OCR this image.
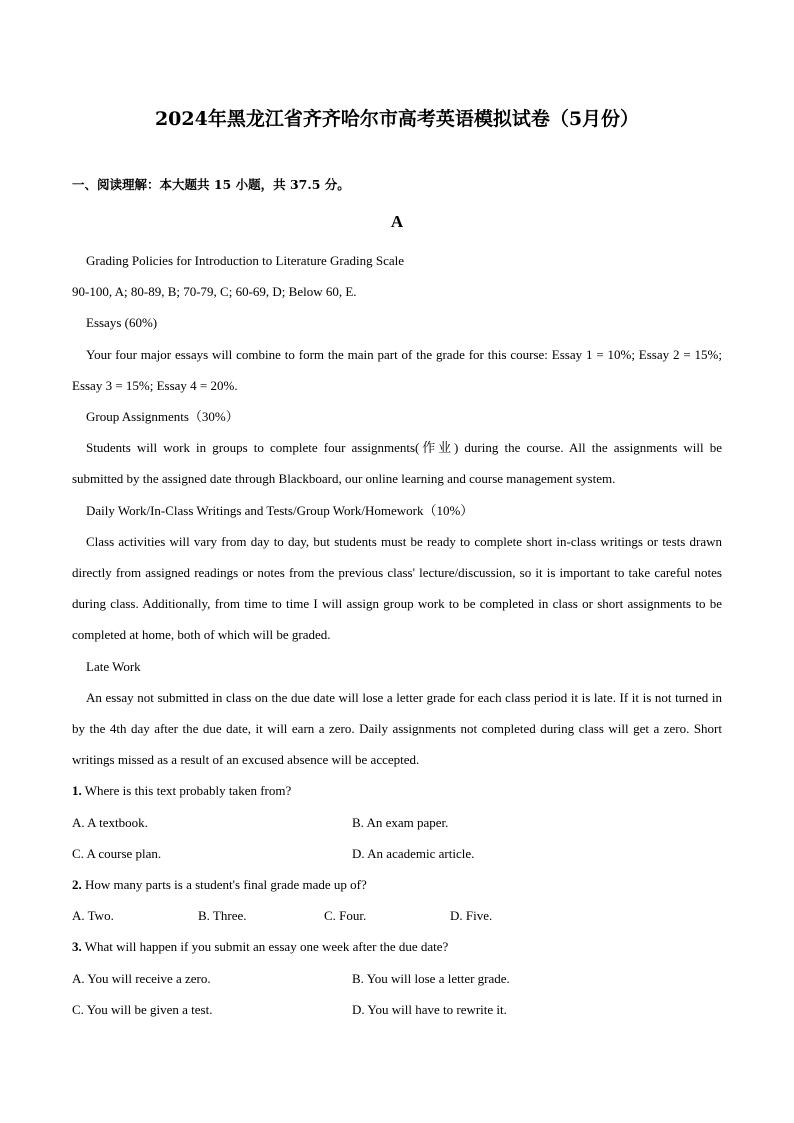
2024年黑龙江省齐齐哈尔市高考英语模拟试卷（5月份）
一、阅读理解：本大题共 15 小题，共 37.5 分。
A

Grading Policies for Introduction to Literature Grading Scale

90-100, A; 80-89, B; 70-79, C; 60-69, D; Below 60, E.

Essays (60%)

Your four major essays will combine to form the main part of the grade for this course: Essay 1 = 10%; Essay 2 = 15%; Essay 3 = 15%; Essay 4 = 20%.

Group Assignments（30%）

Students will work in groups to complete four assignments(作业) during the course. All the assignments will be submitted by the assigned date through Blackboard, our online learning and course management system.

Daily Work/In-Class Writings and Tests/Group Work/Homework（10%）

Class activities will vary from day to day, but students must be ready to complete short in-class writings or tests drawn directly from assigned readings or notes from the previous class' lecture/discussion, so it is important to take careful notes during class. Additionally, from time to time I will assign group work to be completed in class or short assignments to be completed at home, both of which will be graded.

Late Work

An essay not submitted in class on the due date will lose a letter grade for each class period it is late. If it is not turned in by the 4th day after the due date, it will earn a zero. Daily assignments not completed during class will get a zero. Short writings missed as a result of an excused absence will be accepted.

1. Where is this text probably taken from?

A. A textbook.	B. An exam paper.
C. A course plan.	D. An academic article.

2. How many parts is a student's final grade made up of?

A. Two.	B. Three.	C. Four.	D. Five.

3. What will happen if you submit an essay one week after the due date?

A. You will receive a zero.	B. You will lose a letter grade.
C. You will be given a test.	D. You will have to rewrite it.
